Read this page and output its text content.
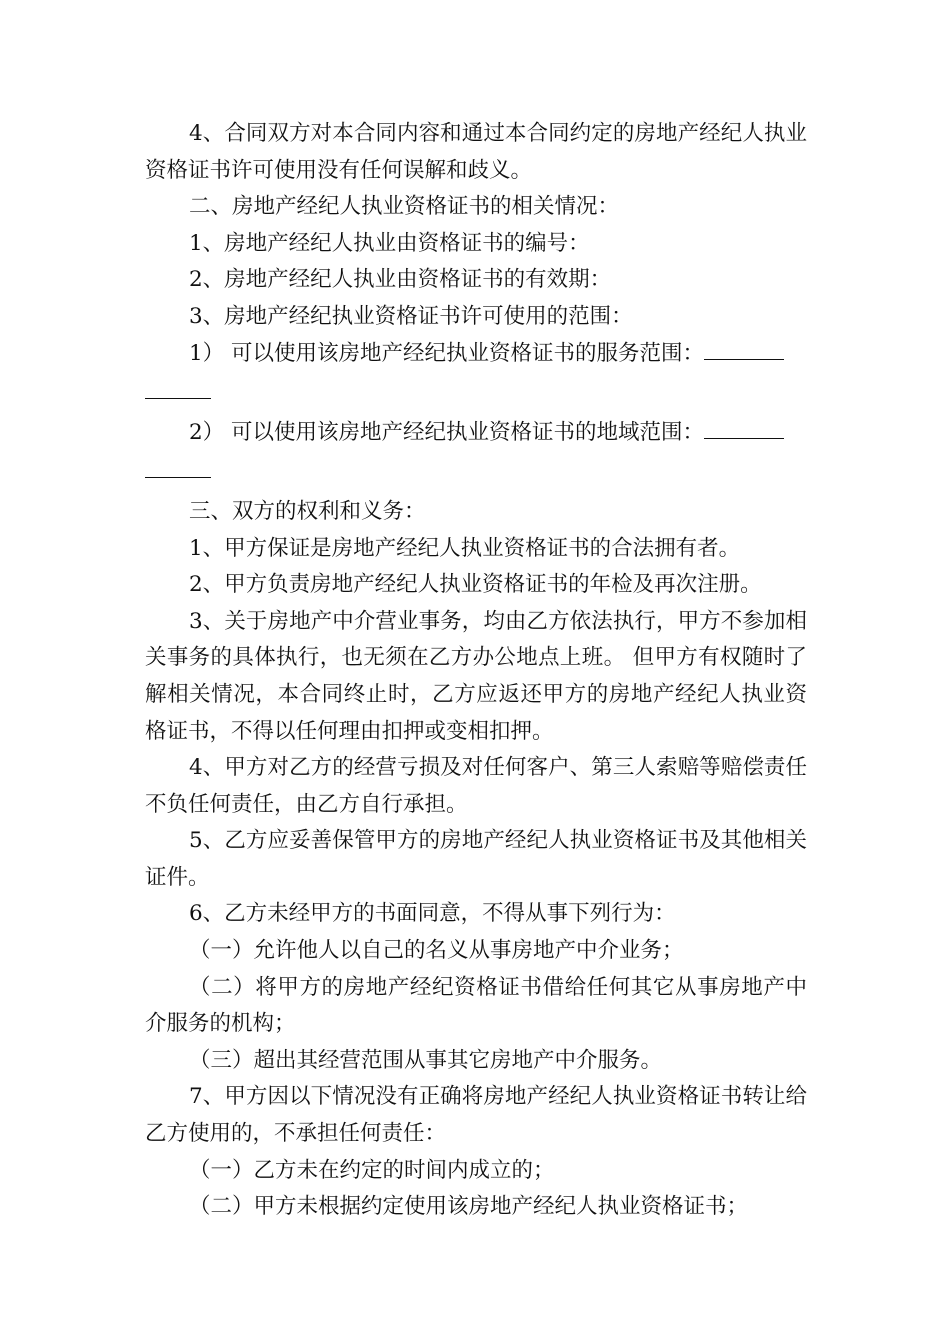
4、合同双方对本合同内容和通过本合同约定的房地产经纪人执业资格证书许可使用没有任何误解和歧义。

二、房地产经纪人执业资格证书的相关情况：

1、房地产经纪人执业由资格证书的编号：

2、房地产经纪人执业由资格证书的有效期：

3、房地产经纪执业资格证书许可使用的范围：

1） 可以使用该房地产经纪执业资格证书的服务范围：

2） 可以使用该房地产经纪执业资格证书的地域范围：

三、双方的权利和义务：

1、甲方保证是房地产经纪人执业资格证书的合法拥有者。

2、甲方负责房地产经纪人执业资格证书的年检及再次注册。

3、关于房地产中介营业事务，均由乙方依法执行，甲方不参加相关事务的具体执行，也无须在乙方办公地点上班。 但甲方有权随时了解相关情况，本合同终止时，乙方应返还甲方的房地产经纪人执业资格证书，不得以任何理由扣押或变相扣押。

4、甲方对乙方的经营亏损及对任何客户、第三人索赔等赔偿责任不负任何责任，由乙方自行承担。

5、乙方应妥善保管甲方的房地产经纪人执业资格证书及其他相关证件。

6、乙方未经甲方的书面同意，不得从事下列行为：

（一）允许他人以自己的名义从事房地产中介业务；

（二）将甲方的房地产经纪资格证书借给任何其它从事房地产中介服务的机构；

（三）超出其经营范围从事其它房地产中介服务。

7、甲方因以下情况没有正确将房地产经纪人执业资格证书转让给乙方使用的，不承担任何责任：

（一）乙方未在约定的时间内成立的；

（二）甲方未根据约定使用该房地产经纪人执业资格证书；
